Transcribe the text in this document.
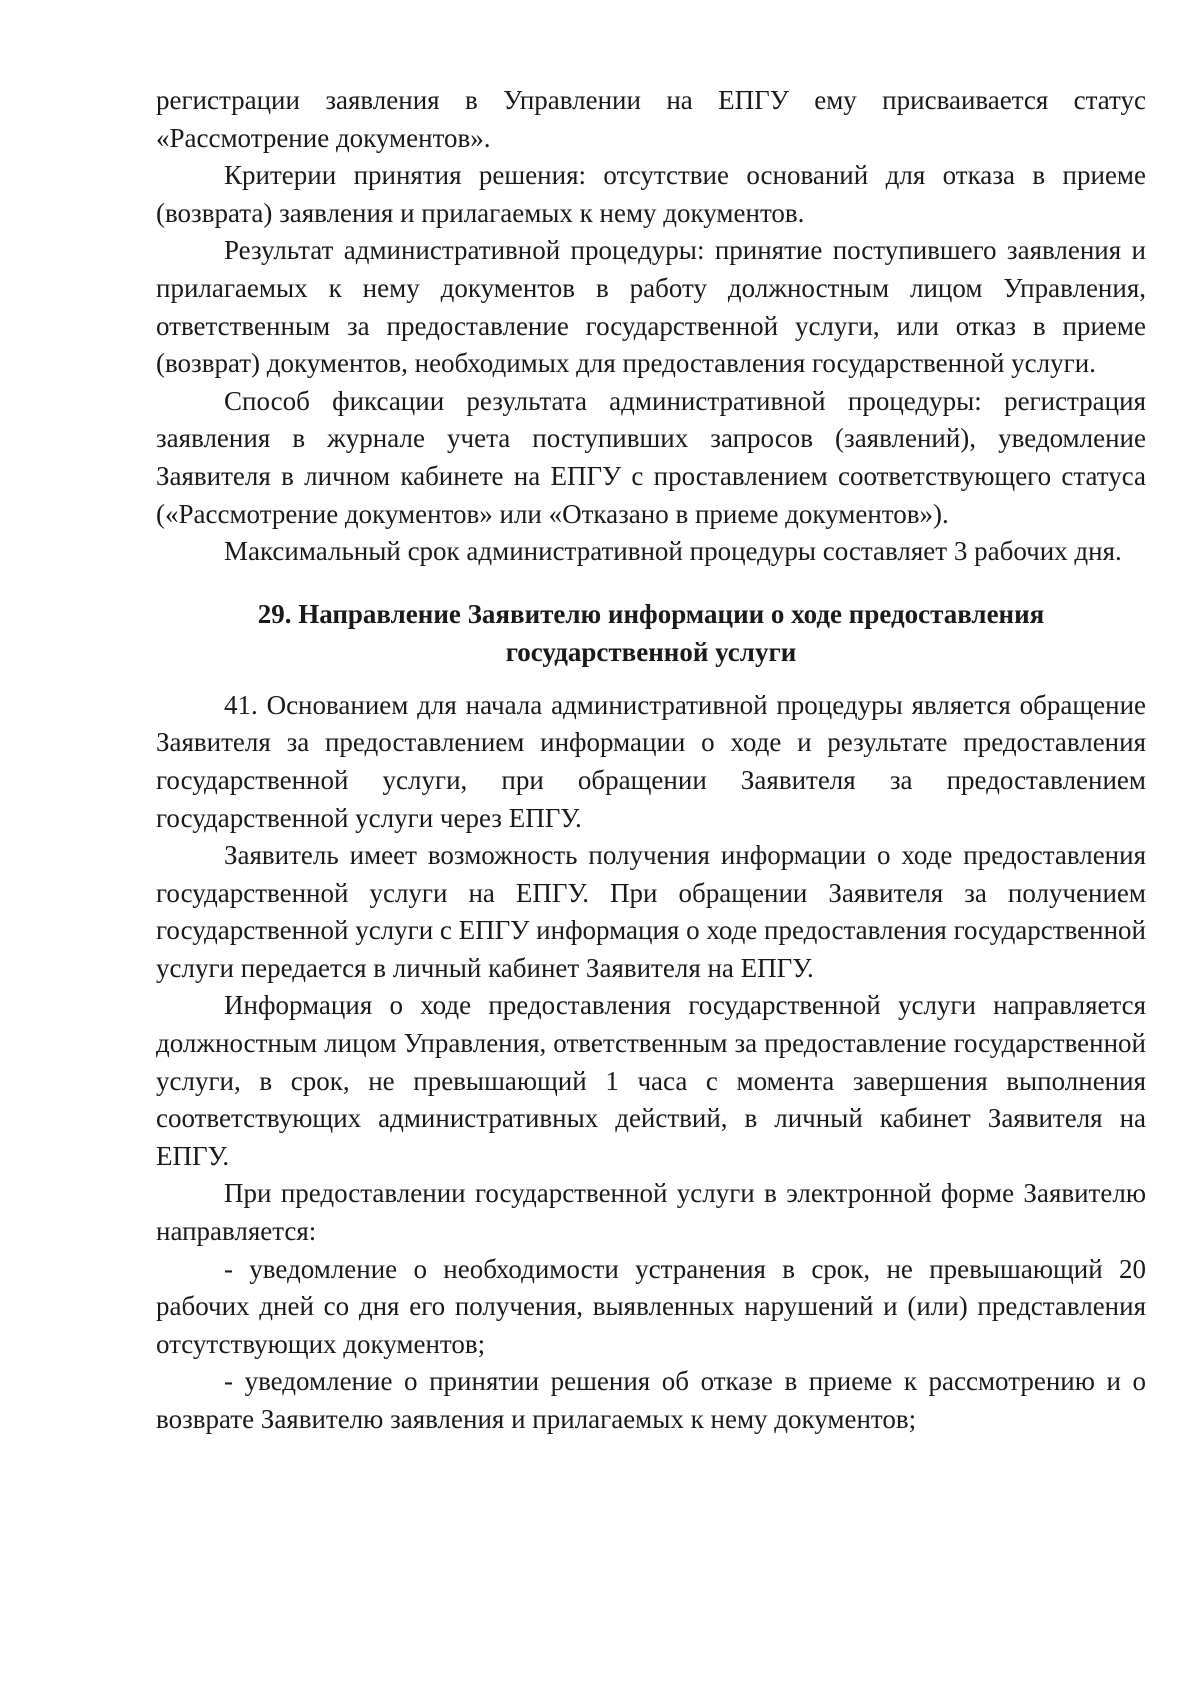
регистрации заявления в Управлении на ЕПГУ ему присваивается статус «Рассмотрение документов».

Критерии принятия решения: отсутствие оснований для отказа в приеме (возврата) заявления и прилагаемых к нему документов.

Результат административной процедуры: принятие поступившего заявления и прилагаемых к нему документов в работу должностным лицом Управления, ответственным за предоставление государственной услуги, или отказ в приеме (возврат) документов, необходимых для предоставления государственной услуги.

Способ фиксации результата административной процедуры: регистрация заявления в журнале учета поступивших запросов (заявлений), уведомление Заявителя в личном кабинете на ЕПГУ с проставлением соответствующего статуса («Рассмотрение документов» или «Отказано в приеме документов»).

Максимальный срок административной процедуры составляет 3 рабочих дня.

29. Направление Заявителю информации о ходе предоставления
государственной услуги

41. Основанием для начала административной процедуры является обращение Заявителя за предоставлением информации о ходе и результате предоставления государственной услуги, при обращении Заявителя за предоставлением государственной услуги через ЕПГУ.

Заявитель имеет возможность получения информации о ходе предоставления государственной услуги на ЕПГУ. При обращении Заявителя за получением государственной услуги с ЕПГУ информация о ходе предоставления государственной услуги передается в личный кабинет Заявителя на ЕПГУ.

Информация о ходе предоставления государственной услуги направляется должностным лицом Управления, ответственным за предоставление государственной услуги, в срок, не превышающий 1 часа с момента завершения выполнения соответствующих административных действий, в личный кабинет Заявителя на ЕПГУ.

При предоставлении государственной услуги в электронной форме Заявителю направляется:

- уведомление о необходимости устранения в срок, не превышающий 20 рабочих дней со дня его получения, выявленных нарушений и (или) представления отсутствующих документов;

- уведомление о принятии решения об отказе в приеме к рассмотрению и о возврате Заявителю заявления и прилагаемых к нему документов;
